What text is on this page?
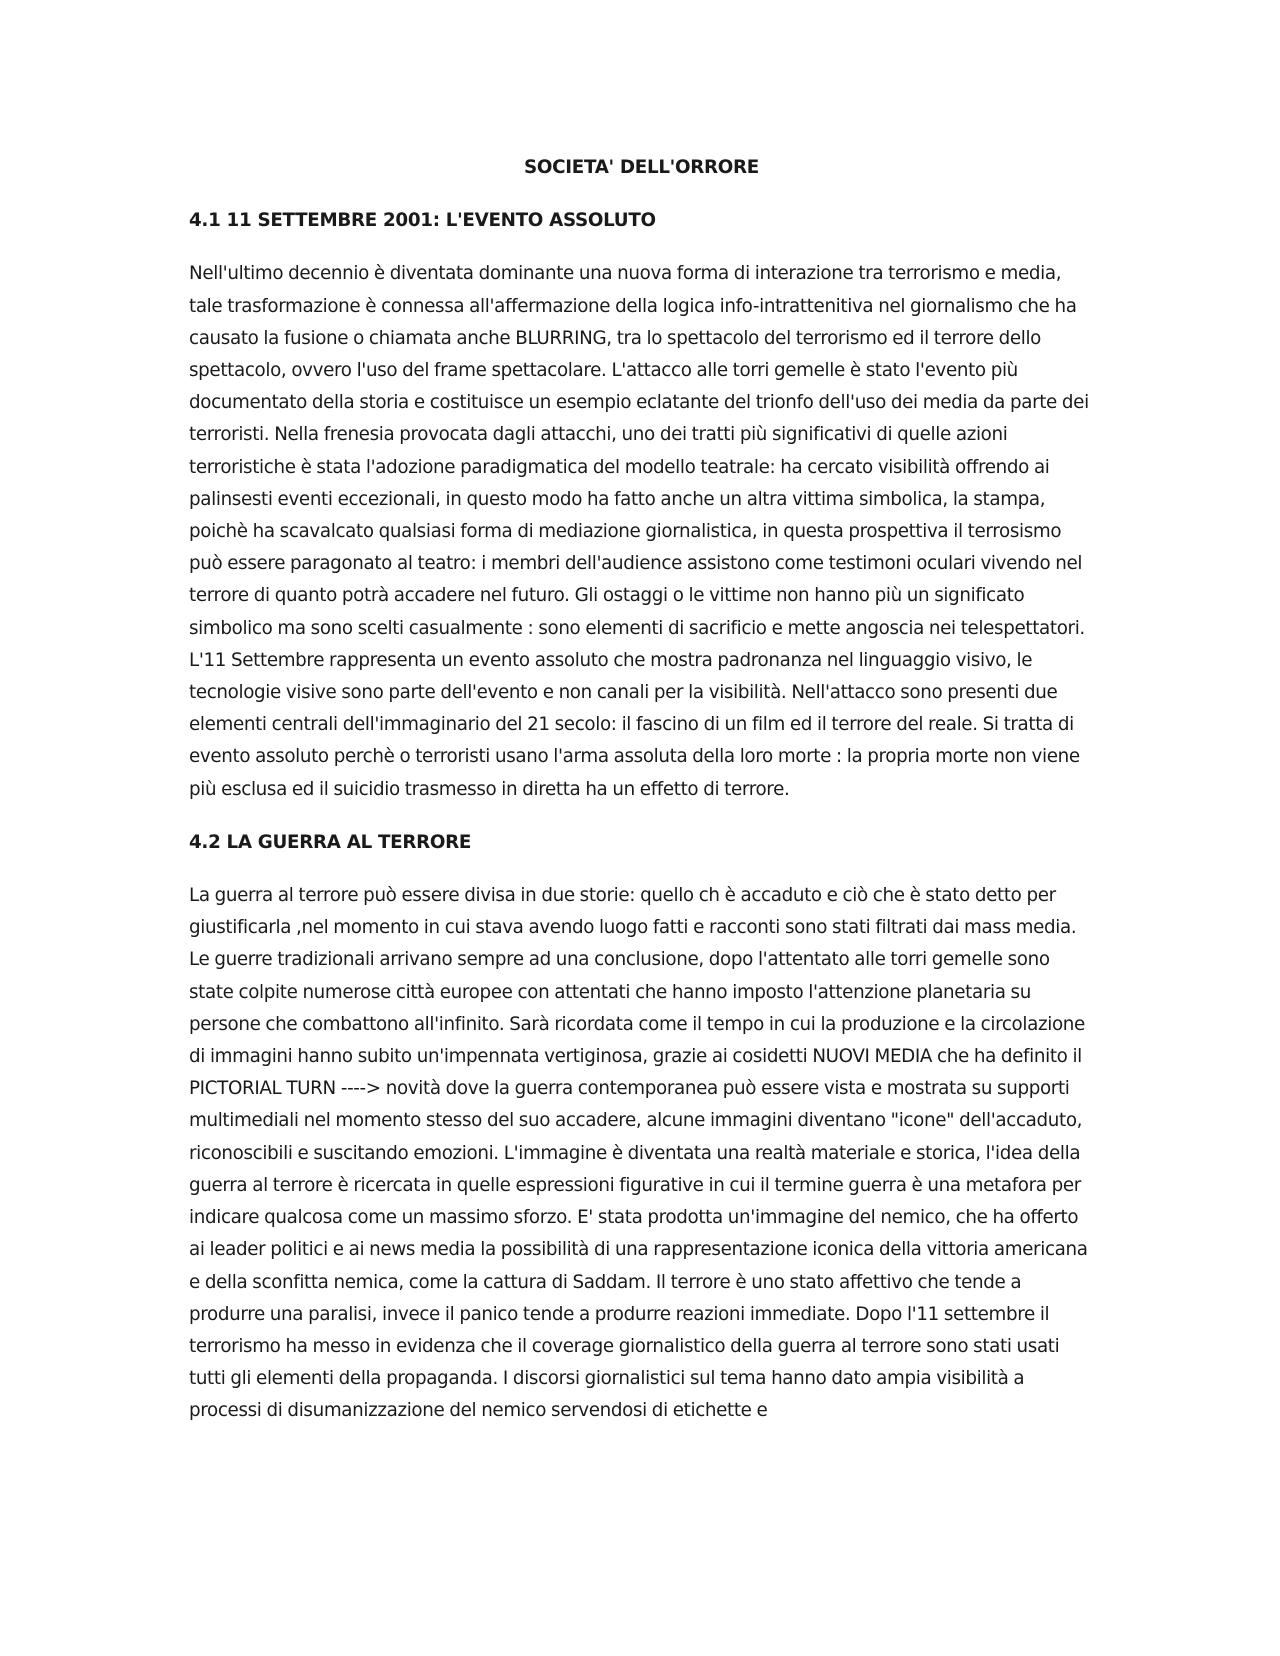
SOCIETA' DELL'ORRORE
4.1 11 SETTEMBRE 2001: L'EVENTO ASSOLUTO

Nell'ultimo decennio è diventata dominante una nuova forma di interazione tra terrorismo e media, tale trasformazione è connessa all'affermazione della logica info-intrattenitiva nel giornalismo che ha causato la fusione o chiamata anche BLURRING, tra lo spettacolo del terrorismo ed il terrore dello spettacolo, ovvero l'uso del frame spettacolare. L'attacco alle torri gemelle è stato l'evento più documentato della storia e costituisce un esempio eclatante del trionfo dell'uso dei media da parte dei terroristi. Nella frenesia provocata dagli attacchi, uno dei tratti più significativi di quelle azioni terroristiche è stata l'adozione paradigmatica del modello teatrale: ha cercato visibilità offrendo ai palinsesti eventi eccezionali, in questo modo ha fatto anche un altra vittima simbolica, la stampa, poichè ha scavalcato qualsiasi forma di mediazione giornalistica, in questa prospettiva il terrosismo può essere paragonato al teatro: i membri dell'audience assistono come testimoni oculari vivendo nel terrore di quanto potrà accadere nel futuro. Gli ostaggi o le vittime non hanno più un significato simbolico ma sono scelti casualmente : sono elementi di sacrificio e mette angoscia nei telespettatori. L'11 Settembre rappresenta un evento assoluto che mostra padronanza nel linguaggio visivo, le tecnologie visive sono parte dell'evento e non canali per la visibilità. Nell'attacco sono presenti due elementi centrali dell'immaginario del 21 secolo: il fascino di un film ed il terrore del reale. Si tratta di evento assoluto perchè o terroristi usano l'arma assoluta della loro morte : la propria morte non viene più esclusa ed il suicidio trasmesso in diretta ha un effetto di terrore.

4.2 LA GUERRA AL TERRORE

La guerra al terrore può essere divisa in due storie: quello ch è accaduto e ciò che è stato detto per giustificarla ,nel momento in cui stava avendo luogo fatti e racconti sono stati filtrati dai mass media. Le guerre tradizionali arrivano sempre ad una conclusione, dopo l'attentato alle torri gemelle sono state colpite numerose città europee con attentati che hanno imposto l'attenzione planetaria su persone che combattono all'infinito. Sarà ricordata come il tempo in cui la produzione e la circolazione di immagini hanno subito un'impennata vertiginosa, grazie ai cosidetti NUOVI MEDIA che ha definito il PICTORIAL TURN ----> novità dove la guerra contemporanea può essere vista e mostrata su supporti multimediali nel momento stesso del suo accadere, alcune immagini diventano "icone" dell'accaduto, riconoscibili e suscitando emozioni. L'immagine è diventata una realtà materiale e storica, l'idea della guerra al terrore è ricercata in quelle espressioni figurative in cui il termine guerra è una metafora per indicare qualcosa come un massimo sforzo. E' stata prodotta un'immagine del nemico, che ha offerto ai leader politici e ai news media la possibilità di una rappresentazione iconica della vittoria americana e della sconfitta nemica, come la cattura di Saddam. Il terrore è uno stato affettivo che tende a produrre una paralisi, invece il panico tende a produrre reazioni immediate. Dopo l'11 settembre il terrorismo ha messo in evidenza che il coverage giornalistico della guerra al terrore sono stati usati tutti gli elementi della propaganda. I discorsi giornalistici sul tema hanno dato ampia visibilità a processi di disumanizzazione del nemico servendosi di etichette e
